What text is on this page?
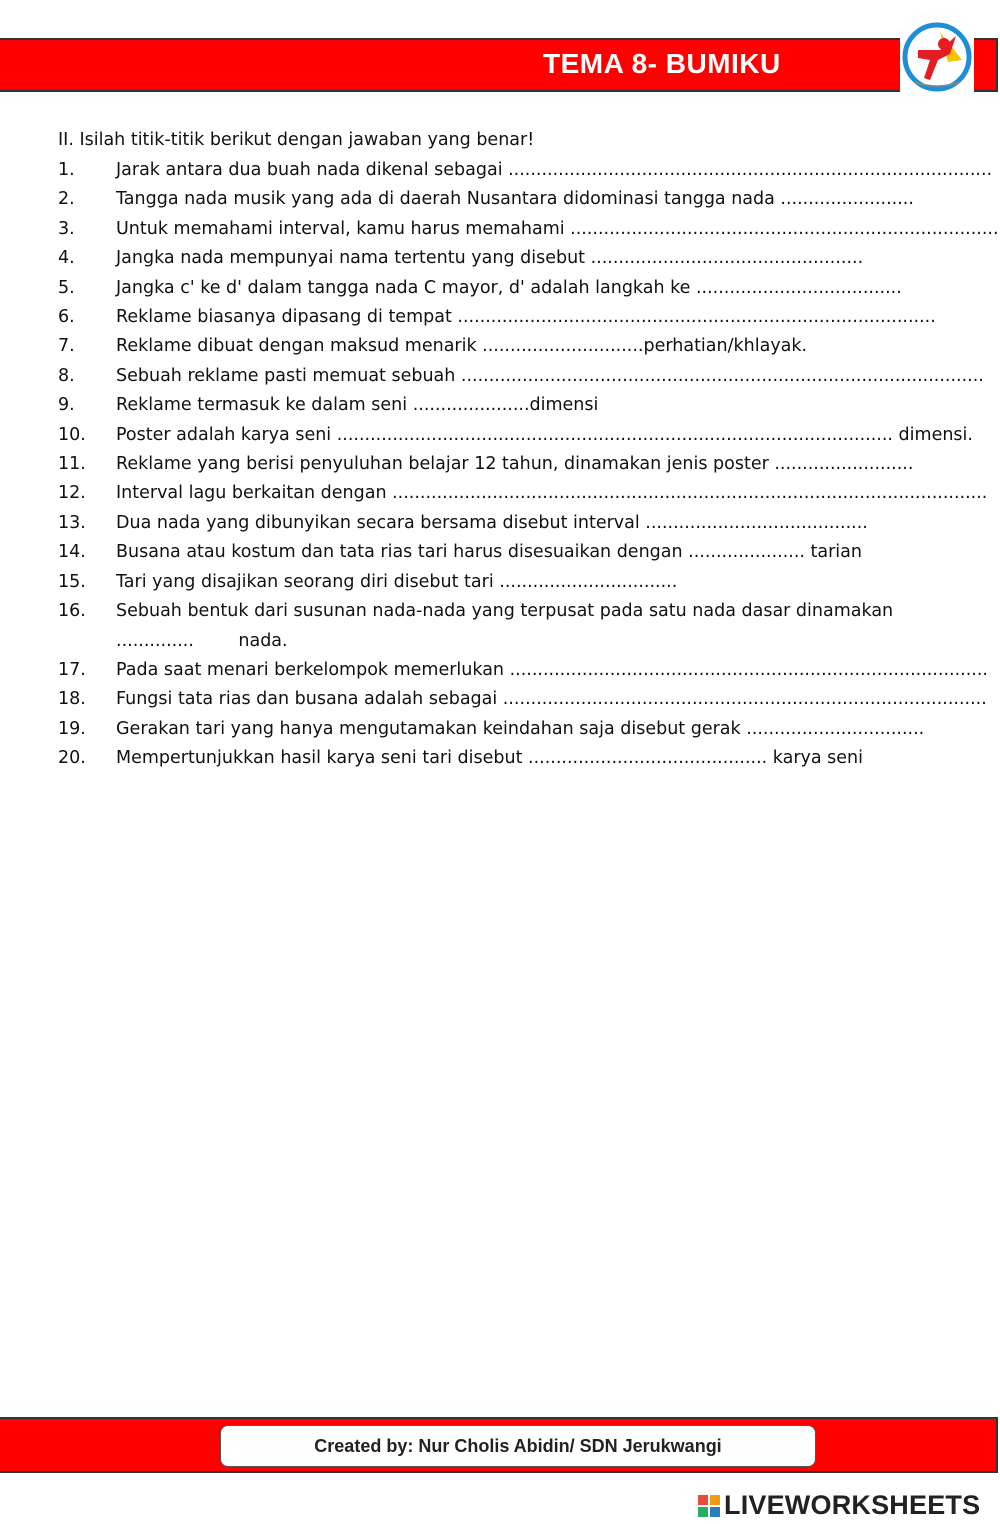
TEMA 8- BUMIKU
II. Isilah titik-titik berikut dengan jawaban yang benar!
1.	Jarak antara dua buah nada dikenal sebagai .......................................................................................
2.	Tangga nada musik yang ada di daerah Nusantara didominasi tangga nada ........................
3.	Untuk memahami interval, kamu harus memahami .............................................................................
4.	Jangka nada mempunyai nama tertentu yang disebut .................................................
5.	Jangka c' ke d' dalam tangga nada C mayor, d' adalah langkah ke .....................................
6.	Reklame biasanya dipasang di tempat ......................................................................................
7.	Reklame dibuat dengan maksud menarik .............................perhatian/khlayak.
8.	Sebuah reklame pasti memuat sebuah ..............................................................................................
9.	Reklame termasuk ke dalam seni .....................dimensi
10.	Poster adalah karya seni .................................................................................................... dimensi.
11.	Reklame yang berisi penyuluhan belajar 12 tahun, dinamakan jenis poster .........................
12.	Interval lagu berkaitan dengan ...........................................................................................................
13.	Dua nada yang dibunyikan secara bersama disebut interval ........................................
14.	Busana atau kostum dan tata rias tari harus disesuaikan dengan ..................... tarian
15.	Tari yang disajikan seorang diri disebut tari ................................
16.	Sebuah bentuk dari susunan nada-nada yang terpusat pada satu nada dasar dinamakan
..............        nada.
17.	Pada saat menari berkelompok memerlukan ......................................................................................
18.	Fungsi tata rias dan busana adalah sebagai .......................................................................................
19.	Gerakan tari yang hanya mengutamakan keindahan saja disebut gerak ................................
20.	Mempertunjukkan hasil karya seni tari disebut ........................................... karya seni
Created by: Nur Cholis Abidin/ SDN Jerukwangi
LIVEWORKSHEETS
